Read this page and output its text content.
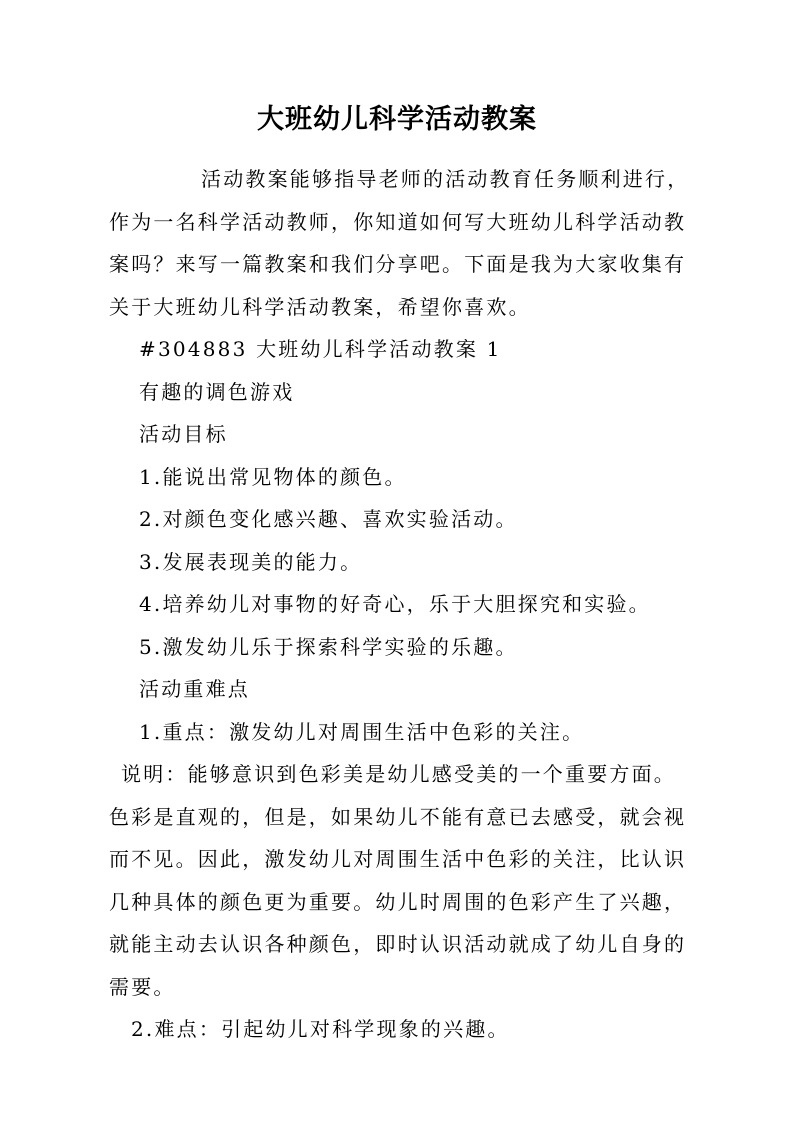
大班幼儿科学活动教案

活动教案能够指导老师的活动教育任务顺利进行，

作为一名科学活动教师，你知道如何写大班幼儿科学活动教

案吗？来写一篇教案和我们分享吧。下面是我为大家收集有

关于大班幼儿科学活动教案，希望你喜欢。

#304883 大班幼儿科学活动教案 1

有趣的调色游戏

活动目标

1.能说出常见物体的颜色。

2.对颜色变化感兴趣、喜欢实验活动。

3.发展表现美的能力。

4.培养幼儿对事物的好奇心，乐于大胆探究和实验。

5.激发幼儿乐于探索科学实验的乐趣。

活动重难点

1.重点：激发幼儿对周围生活中色彩的关注。

说明：能够意识到色彩美是幼儿感受美的一个重要方面。

色彩是直观的，但是，如果幼儿不能有意已去感受，就会视

而不见。因此，激发幼儿对周围生活中色彩的关注，比认识

几种具体的颜色更为重要。幼儿时周围的色彩产生了兴趣，

就能主动去认识各种颜色，即时认识活动就成了幼儿自身的

需要。

2.难点：引起幼儿对科学现象的兴趣。
